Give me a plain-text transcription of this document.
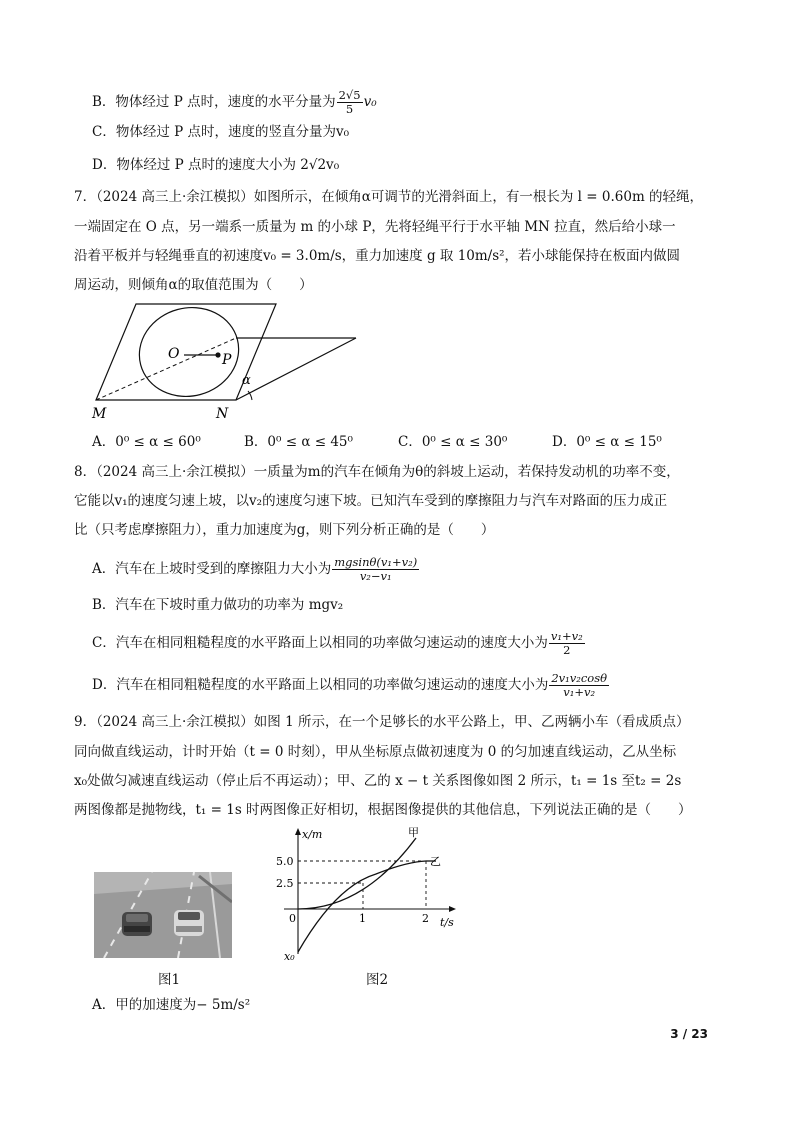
B．物体经过 P 点时，速度的水平分量为 $\frac{2√5}{5} v_0$
C．物体经过 P 点时，速度的竖直分量为v₀
D．物体经过 P 点时的速度大小为 2√2v₀
7．（2024 高三上·余江模拟）如图所示，在倾角α可调节的光滑斜面上，有一根长为 l = 0.60m 的轻绳，
一端固定在 O 点，另一端系一质量为 m 的小球 P，先将轻绳平行于水平轴 MN 拉直，然后给小球一
沿着平板并与轻绳垂直的初速度v₀ = 3.0m/s，重力加速度 g 取 10m/s²，若小球能保持在板面内做圆
周运动，则倾角α的取值范围为（　　）
O	P
M	N
α
A．0⁰ ≤ α ≤ 60⁰	B．0⁰ ≤ α ≤ 45⁰	C．0⁰ ≤ α ≤ 30⁰	D．0⁰ ≤ α ≤ 15⁰
8．（2024 高三上·余江模拟）一质量为m的汽车在倾角为θ的斜坡上运动，若保持发动机的功率不变，
它能以v₁的速度匀速上坡，以v₂的速度匀速下坡。已知汽车受到的摩擦阻力与汽车对路面的压力成正
比（只考虑摩擦阻力），重力加速度为g，则下列分析正确的是（　　）
A．汽车在上坡时受到的摩擦阻力大小为 $\frac{\text{mgsinθ(v₁+v₂)}}{\text{v₂−v₁}}$
B．汽车在下坡时重力做功的功率为 mgv₂
C．汽车在相同粗糙程度的水平路面上以相同的功率做匀速运动的速度大小为 $\frac{\text{v₁+v₂}}{2}$
D．汽车在相同粗糙程度的水平路面上以相同的功率做匀速运动的速度大小为 $\frac{\text{2v₁v₂cosθ}}{\text{v₁+v₂}}$
9．（2024 高三上·余江模拟）如图 1 所示，在一个足够长的水平公路上，甲、乙两辆小车（看成质点）
同向做直线运动，计时开始（t = 0 时刻），甲从坐标原点做初速度为 0 的匀加速直线运动，乙从坐标
x₀处做匀减速直线运动（停止后不再运动）；甲、乙的 x − t 关系图像如图 2 所示，t₁ = 1s 至t₂ = 2s
两图像都是抛物线，t₁ = 1s 时两图像正好相切，根据图像提供的其他信息，下列说法正确的是（　　）
图1
x/m
t/s
甲
乙
5.0
2.5
1	2
0
x₀
图2
A．甲的加速度为− 5m/s²
3 / 23
